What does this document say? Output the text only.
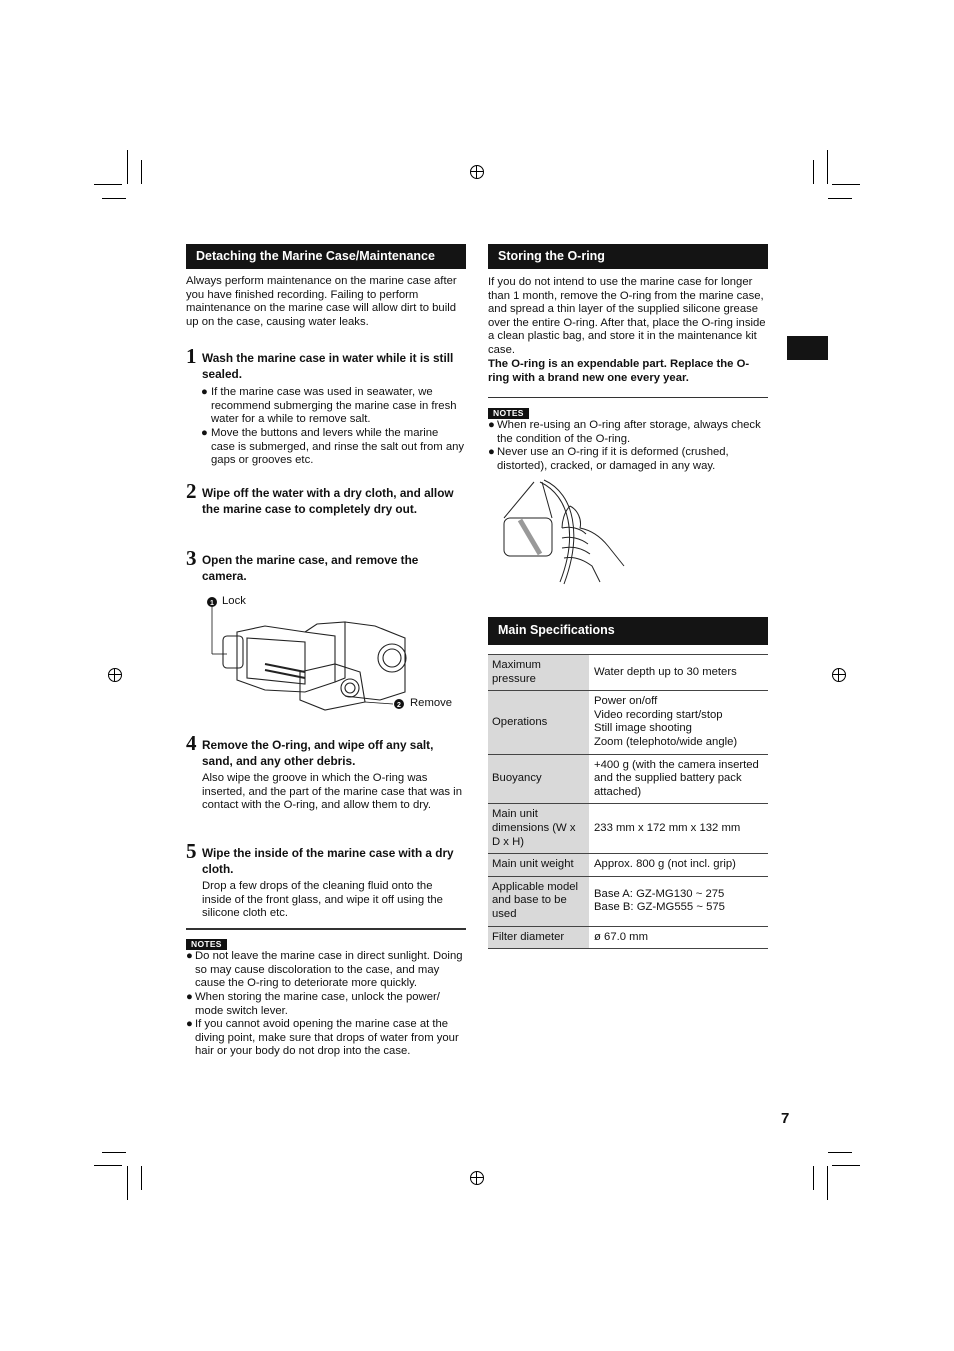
Detaching the Marine Case/Maintenance
Always perform maintenance on the marine case after you have finished recording. Failing to perform maintenance on the marine case will allow dirt to build up on the case, causing water leaks.
1 Wash the marine case in water while it is still sealed.
● If the marine case was used in seawater, we recommend submerging the marine case in fresh water for a while to remove salt.
● Move the buttons and levers while the marine case is submerged, and rinse the salt out from any gaps or grooves etc.
2 Wipe off the water with a dry cloth, and allow the marine case to completely dry out.
3 Open the marine case, and remove the camera.
1
2
Lock
Remove
4 Remove the O-ring, and wipe off any salt, sand, and any other debris.
Also wipe the groove in which the O-ring was inserted, and the part of the marine case that was in contact with the O-ring, and allow them to dry.
5 Wipe the inside of the marine case with a dry cloth.
Drop a few drops of the cleaning fluid onto the inside of the front glass, and wipe it off using the silicone cloth etc.
NOTES
● Do not leave the marine case in direct sunlight. Doing so may cause discoloration to the case, and may cause the O-ring to deteriorate more quickly.
● When storing the marine case, unlock the power/ mode switch lever.
● If you cannot avoid opening the marine case at the diving point, make sure that drops of water from your hair or your body do not drop into the case.
Storing the O-ring
If you do not intend to use the marine case for longer than 1 month, remove the O-ring from the marine case, and spread a thin layer of the supplied silicone grease over the entire O-ring. After that, place the O-ring inside a clean plastic bag, and store it in the maintenance kit case.
The O-ring is an expendable part. Replace the O-ring with a brand new one every year.
NOTES
● When re-using an O-ring after storage, always check the condition of the O-ring.
● Never use an O-ring if it is deformed (crushed, distorted), cracked, or damaged in any way.
Main Specifications
Maximum pressure	Water depth up to 30 meters
Operations	Power on/off
Video recording start/stop
Still image shooting
Zoom (telephoto/wide angle)
Buoyancy	+400 g (with the camera inserted and the supplied battery pack attached)
Main unit dimensions (W x D x H)	233 mm x 172 mm x 132 mm
Main unit weight	Approx. 800 g (not incl. grip)
Applicable model and base to be used	Base A: GZ-MG130 ~ 275
Base B: GZ-MG555 ~ 575
Filter diameter	ø 67.0 mm
7
